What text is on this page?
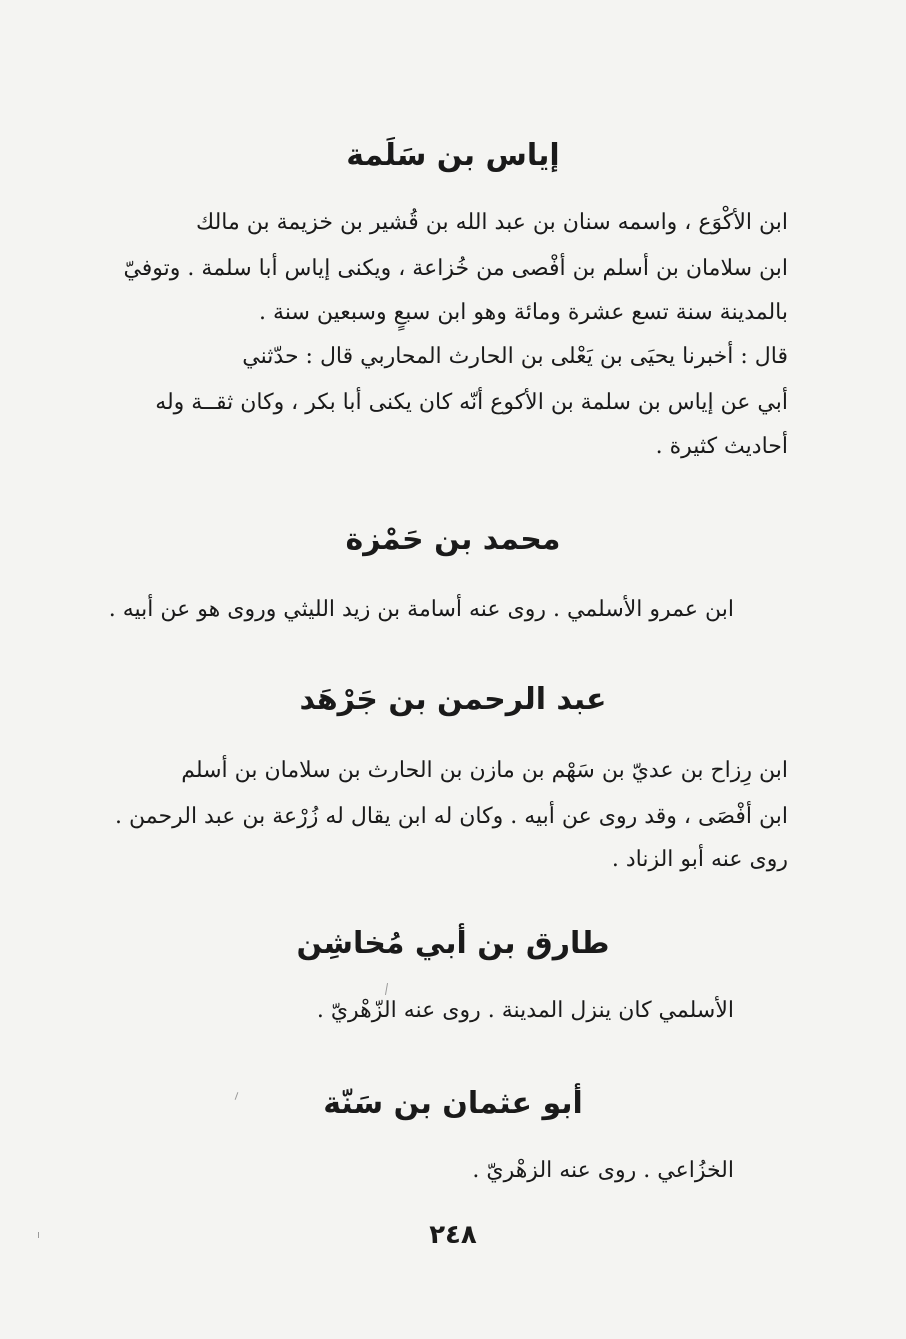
إياس بن سَلَمة
ابن الأكْوَع ، واسمه سنان بن عبد الله بن قُشير بن خزيمة بن مالك
ابن سلامان بن أسلم بن أفْصى من خُزاعة ، ويكنى إياس أبا سلمة . وتوفيّ
بالمدينة سنة تسع عشرة ومائة وهو ابن سبعٍ وسبعين سنة .
قال : أخبرنا يحيَى بن يَعْلى بن الحارث المحاربي قال : حدّثني
أبي عن إياس بن سلمة بن الأكوع أنّه كان يكنى أبا بكر ، وكان ثقــة وله
أحاديث كثيرة .
محمد بن حَمْزة
ابن عمرو الأسلمي . روى عنه أسامة بن زيد الليثي وروى هو عن أبيه .
عبد الرحمن بن جَرْهَد
ابن رِزاح بن عديّ بن سَهْم بن مازن بن الحارث بن سلامان بن أسلم
ابن أفْصَى ، وقد روى عن أبيه . وكان له ابن يقال له زُرْعة بن عبد الرحمن .
روى عنه أبو الزناد .
طارق بن أبي مُخاشِن
الأسلمي كان ينزل المدينة . روى عنه الزّهْريّ .
أبو عثمان بن سَنّة
الخزُاعي . روى عنه الزهْريّ .
٢٤٨
